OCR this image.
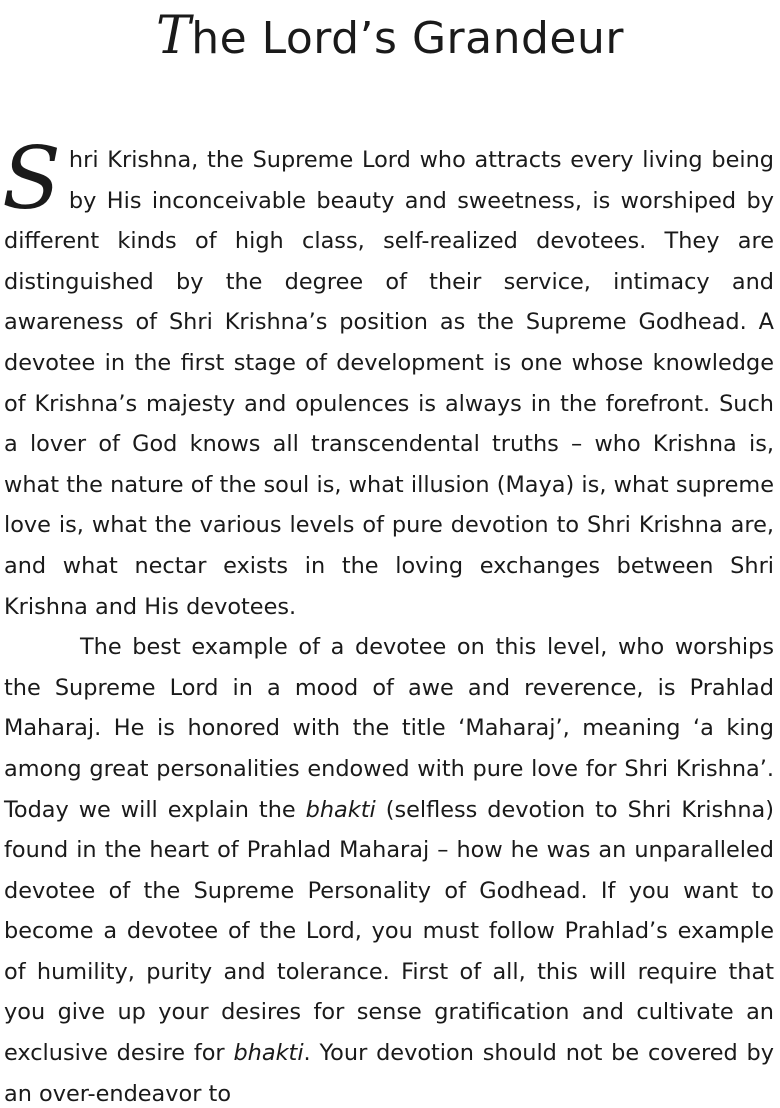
The Lord’s Grandeur

Shri Krishna, the Supreme Lord who attracts every living being by His inconceivable beauty and sweetness, is worshiped by different kinds of high class, self-realized devotees. They are distinguished by the degree of their service, intimacy and awareness of Shri Krishna’s position as the Supreme Godhead. A devotee in the first stage of development is one whose knowledge of Krishna’s majesty and opulences is always in the forefront. Such a lover of God knows all transcendental truths – who Krishna is, what the nature of the soul is, what illusion (Maya) is, what supreme love is, what the various levels of pure devotion to Shri Krishna are, and what nectar exists in the loving exchanges between Shri Krishna and His devotees.

The best example of a devotee on this level, who worships the Supreme Lord in a mood of awe and reverence, is Prahlad Maharaj. He is honored with the title ‘Maharaj’, meaning ‘a king among great personalities endowed with pure love for Shri Krishna’. Today we will explain the bhakti (selfless devotion to Shri Krishna) found in the heart of Prahlad Maharaj – how he was an unparalleled devotee of the Supreme Personality of Godhead. If you want to become a devotee of the Lord, you must follow Prahlad’s example of humility, purity and tolerance. First of all, this will require that you give up your desires for sense gratification and cultivate an exclusive desire for bhakti. Your devotion should not be covered by an over-endeavor to
